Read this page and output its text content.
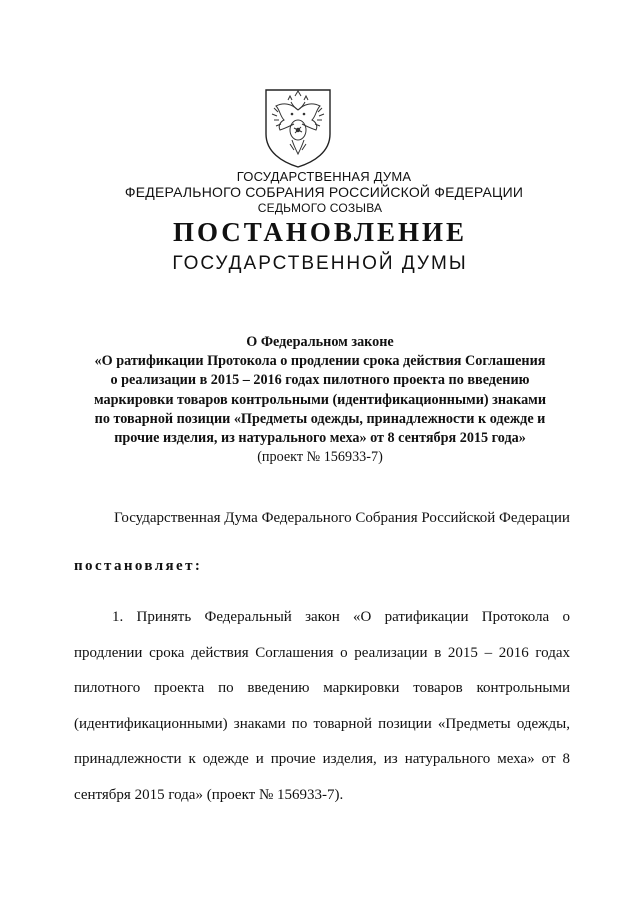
ГОСУДАРСТВЕННАЯ ДУМА
ФЕДЕРАЛЬНОГО СОБРАНИЯ РОССИЙСКОЙ ФЕДЕРАЦИИ
СЕДЬМОГО СОЗЫВА
ПОСТАНОВЛЕНИЕ
ГОСУДАРСТВЕННОЙ ДУМЫ
О Федеральном законе
«О ратификации Протокола о продлении срока действия Соглашения
о реализации в 2015 – 2016 годах пилотного проекта по введению
маркировки товаров контрольными (идентификационными) знаками
по товарной позиции «Предметы одежды, принадлежности к одежде и
прочие изделия, из натурального меха» от 8 сентября 2015 года»
(проект № 156933-7)
Государственная Дума Федерального Собрания Российской Федерации
постановляет:
1. Принять Федеральный закон «О ратификации Протокола о
продлении срока действия Соглашения о реализации в 2015 – 2016 годах
пилотного проекта по введению маркировки товаров контрольными
(идентификационными) знаками по товарной позиции «Предметы одежды,
принадлежности к одежде и прочие изделия, из натурального меха» от 8
сентября 2015 года» (проект № 156933-7).
